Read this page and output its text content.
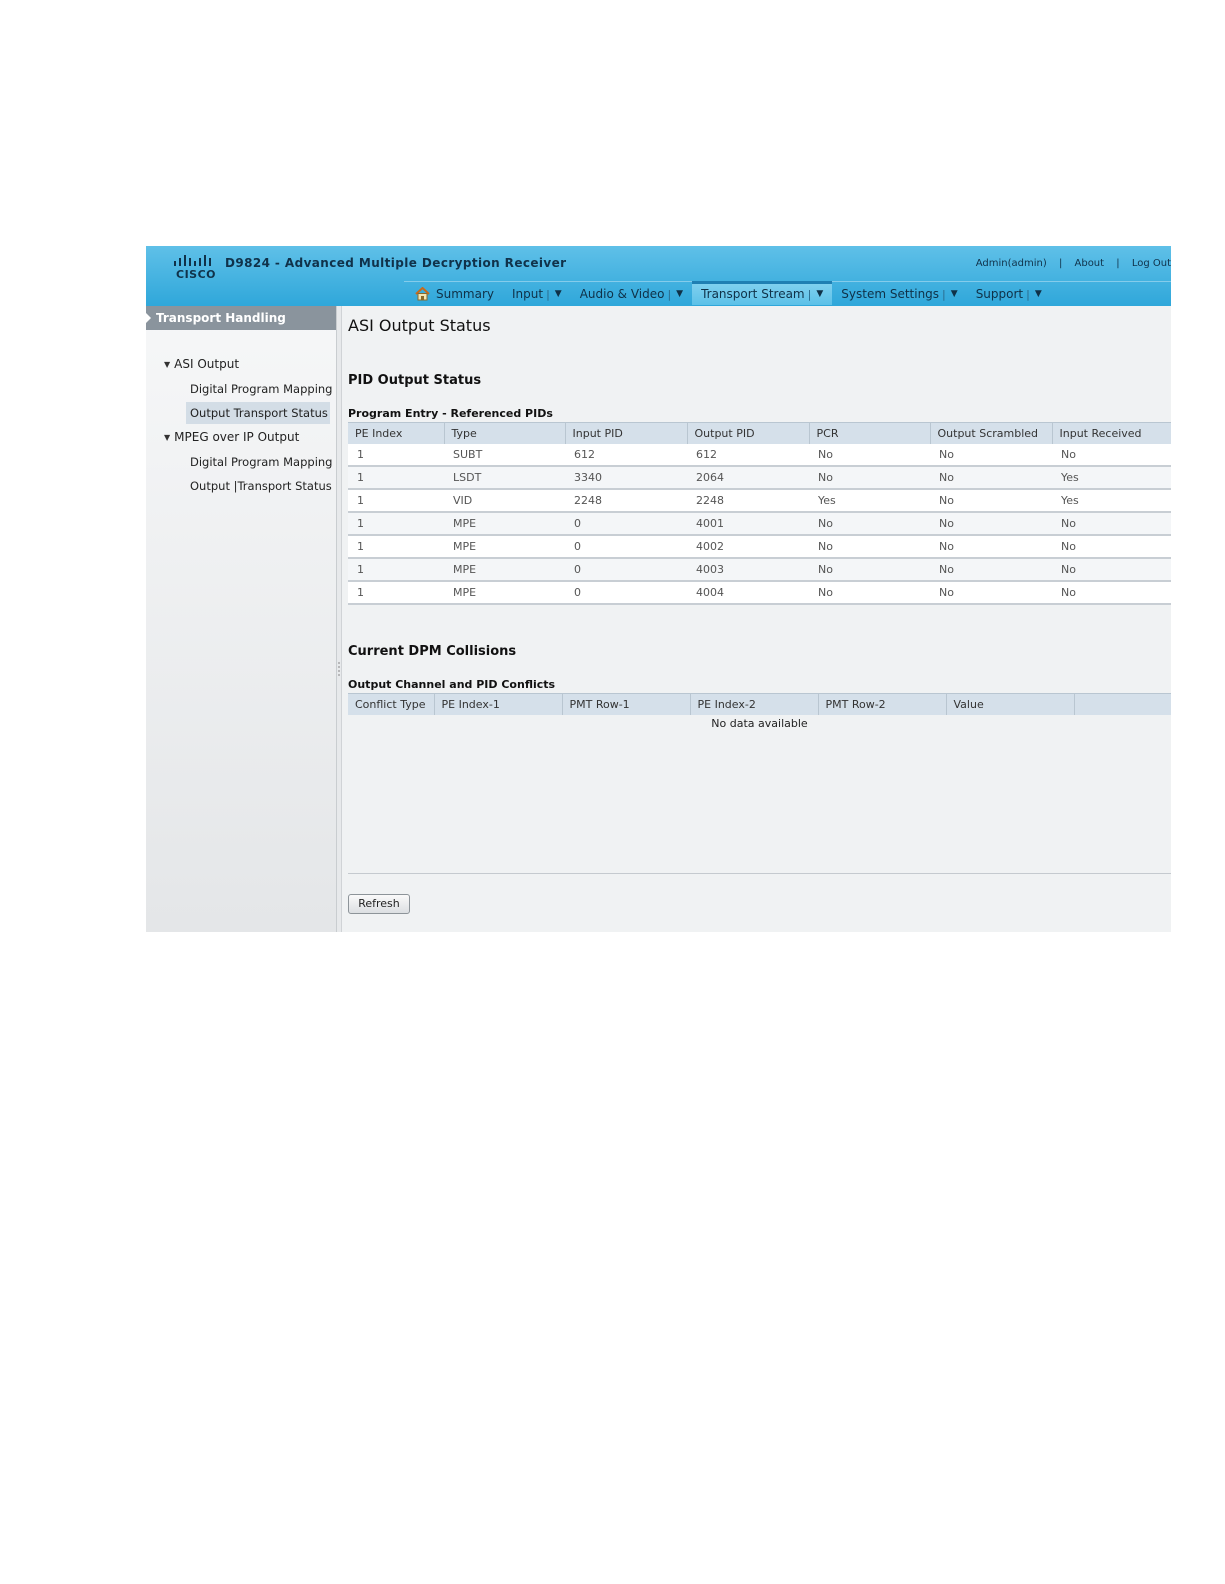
CISCO
D9824 - Advanced Multiple Decryption Receiver	Admin(admin) | About | Log Out
Summary Input | ▼ Audio & Video | ▼ Transport Stream | ▼ System Settings | ▼ Support | ▼
Transport Handling
▼ ASI Output
Digital Program Mapping
Output Transport Status
▼ MPEG over IP Output
Digital Program Mapping
Output |Transport Status
ASI Output Status
PID Output Status
Program Entry - Referenced PIDs
PE Index	Type	Input PID	Output PID	PCR	Output Scrambled	Input Received
1	SUBT	612	612	No	No	No
1	LSDT	3340	2064	No	No	Yes
1	VID	2248	2248	Yes	No	Yes
1	MPE	0	4001	No	No	No
1	MPE	0	4002	No	No	No
1	MPE	0	4003	No	No	No
1	MPE	0	4004	No	No	No
Current DPM Collisions
Output Channel and PID Conflicts
Conflict Type	PE Index-1	PMT Row-1	PE Index-2	PMT Row-2	Value	
No data available
Refresh
